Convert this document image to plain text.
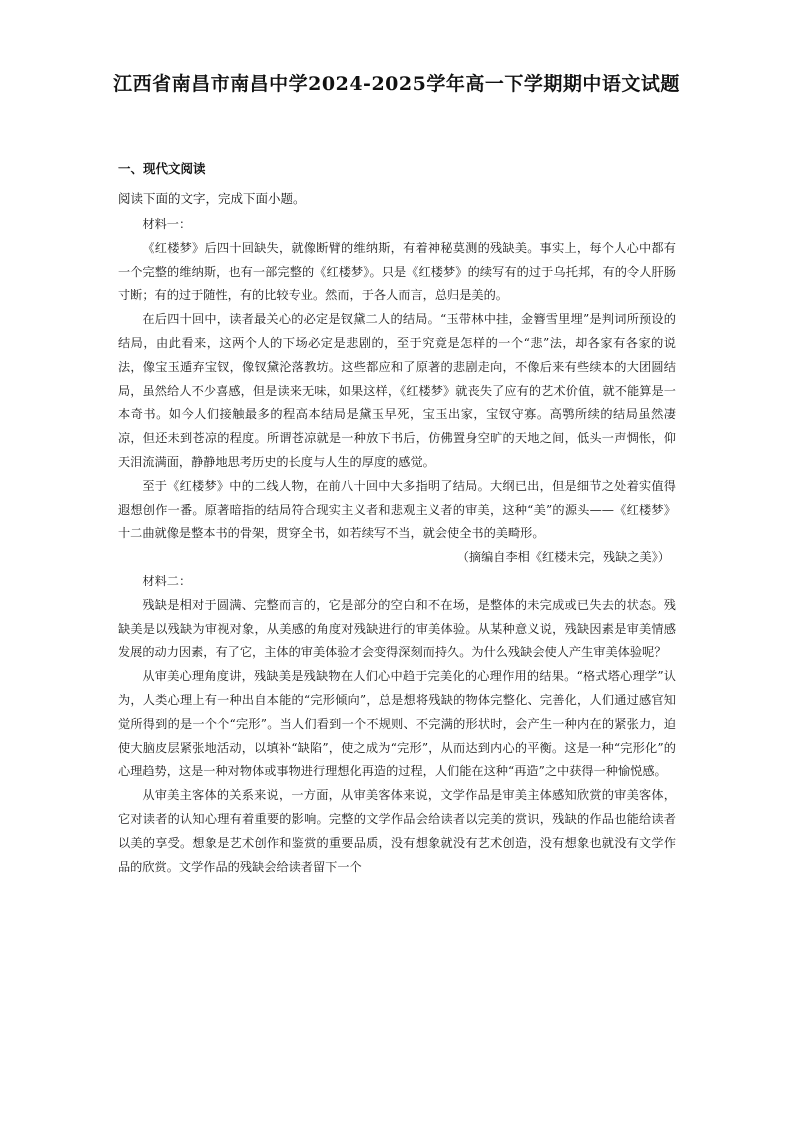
江西省南昌市南昌中学2024-2025学年高一下学期期中语文试题
一、现代文阅读
阅读下面的文字，完成下面小题。

材料一：

《红楼梦》后四十回缺失，就像断臂的维纳斯，有着神秘莫测的残缺美。事实上，每个人心中都有一个完整的维纳斯，也有一部完整的《红楼梦》。只是《红楼梦》的续写有的过于乌托邦，有的令人肝肠寸断；有的过于随性，有的比较专业。然而，于各人而言，总归是美的。

在后四十回中，读者最关心的必定是钗黛二人的结局。“玉带林中挂，金簪雪里埋”是判词所预设的结局，由此看来，这两个人的下场必定是悲剧的，至于究竟是怎样的一个“悲”法，却各家有各家的说法，像宝玉遁弃宝钗，像钗黛沦落教坊。这些都应和了原著的悲剧走向，不像后来有些续本的大团圆结局，虽然给人不少喜感，但是读来无味，如果这样，《红楼梦》就丧失了应有的艺术价值，就不能算是一本奇书。如今人们接触最多的程高本结局是黛玉早死，宝玉出家，宝钗守寡。高鹗所续的结局虽然凄凉，但还未到苍凉的程度。所谓苍凉就是一种放下书后，仿佛置身空旷的天地之间，低头一声惆怅，仰天泪流满面，静静地思考历史的长度与人生的厚度的感觉。

至于《红楼梦》中的二线人物，在前八十回中大多指明了结局。大纲已出，但是细节之处着实值得遐想创作一番。原著暗指的结局符合现实主义者和悲观主义者的审美，这种“美”的源头——《红楼梦》十二曲就像是整本书的骨架，贯穿全书，如若续写不当，就会使全书的美畸形。

（摘编自李相《红楼未完，残缺之美》）

材料二：

残缺是相对于圆满、完整而言的，它是部分的空白和不在场，是整体的未完成或已失去的状态。残缺美是以残缺为审视对象，从美感的角度对残缺进行的审美体验。从某种意义说，残缺因素是审美情感发展的动力因素，有了它，主体的审美体验才会变得深刻而持久。为什么残缺会使人产生审美体验呢？

从审美心理角度讲，残缺美是残缺物在人们心中趋于完美化的心理作用的结果。“格式塔心理学”认为，人类心理上有一种出自本能的“完形倾向”，总是想将残缺的物体完整化、完善化，人们通过感官知觉所得到的是一个个“完形”。当人们看到一个不规则、不完满的形状时，会产生一种内在的紧张力，迫使大脑皮层紧张地活动，以填补“缺陷”，使之成为“完形”，从而达到内心的平衡。这是一种“完形化”的心理趋势，这是一种对物体或事物进行理想化再造的过程，人们能在这种“再造”之中获得一种愉悦感。

从审美主客体的关系来说，一方面，从审美客体来说，文学作品是审美主体感知欣赏的审美客体，它对读者的认知心理有着重要的影响。完整的文学作品会给读者以完美的赏识，残缺的作品也能给读者以美的享受。想象是艺术创作和鉴赏的重要品质，没有想象就没有艺术创造，没有想象也就没有文学作品的欣赏。文学作品的残缺会给读者留下一个
